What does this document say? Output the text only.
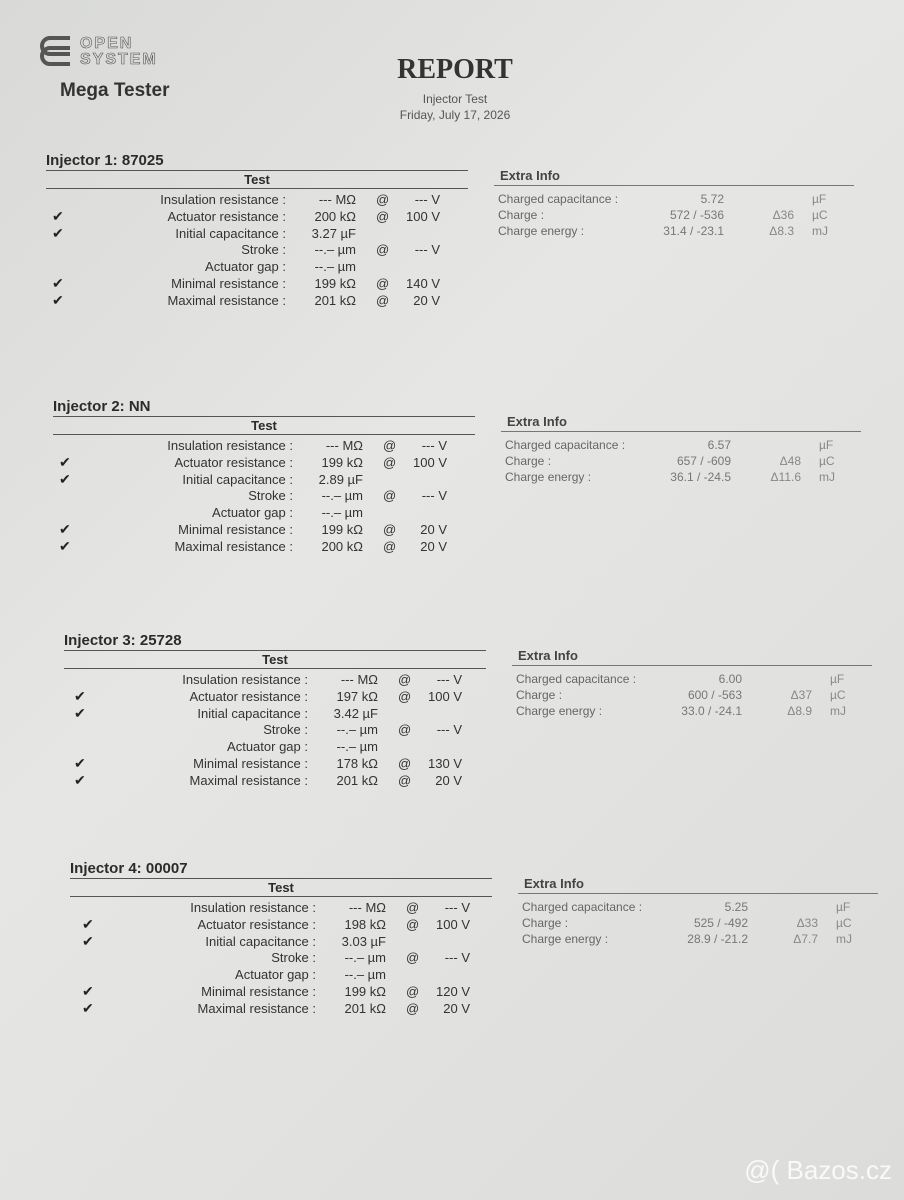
OPEN
SYSTEM
Mega Tester
REPORT
Injector Test
Friday, July 17, 2026
Injector 1: 87025
Test
Insulation resistance :	--- MΩ @	--- V
✔	Actuator resistance :	200 kΩ @	100 V
✔	Initial capacitance :	3.27 µF
Stroke :	--.– µm @	--- V
Actuator gap :	--.– µm
✔	Minimal resistance :	199 kΩ @	140 V
✔	Maximal resistance :	201 kΩ @	20 V
Extra Info
Charged capacitance :	5.72	µF
Charge :	572 / -536	Δ36 µC
Charge energy :	31.4 / -23.1	Δ8.3 mJ
Injector 2: NN
Test
Insulation resistance :	--- MΩ @	--- V
✔	Actuator resistance :	199 kΩ @	100 V
✔	Initial capacitance :	2.89 µF
Stroke :	--.– µm @	--- V
Actuator gap :	--.– µm
✔	Minimal resistance :	199 kΩ @	20 V
✔	Maximal resistance :	200 kΩ @	20 V
Extra Info
Charged capacitance :	6.57	µF
Charge :	657 / -609	Δ48 µC
Charge energy :	36.1 / -24.5	Δ11.6 mJ
Injector 3: 25728
Test
Insulation resistance :	--- MΩ @	--- V
✔	Actuator resistance :	197 kΩ @	100 V
✔	Initial capacitance :	3.42 µF
Stroke :	--.– µm @	--- V
Actuator gap :	--.– µm
✔	Minimal resistance :	178 kΩ @	130 V
✔	Maximal resistance :	201 kΩ @	20 V
Extra Info
Charged capacitance :	6.00	µF
Charge :	600 / -563	Δ37 µC
Charge energy :	33.0 / -24.1	Δ8.9 mJ
Injector 4: 00007
Test
Insulation resistance :	--- MΩ @	--- V
✔	Actuator resistance :	198 kΩ @	100 V
✔	Initial capacitance :	3.03 µF
Stroke :	--.– µm @	--- V
Actuator gap :	--.– µm
✔	Minimal resistance :	199 kΩ @	120 V
✔	Maximal resistance :	201 kΩ @	20 V
Extra Info
Charged capacitance :	5.25	µF
Charge :	525 / -492	Δ33 µC
Charge energy :	28.9 / -21.2	Δ7.7 mJ
@( Bazos.cz
